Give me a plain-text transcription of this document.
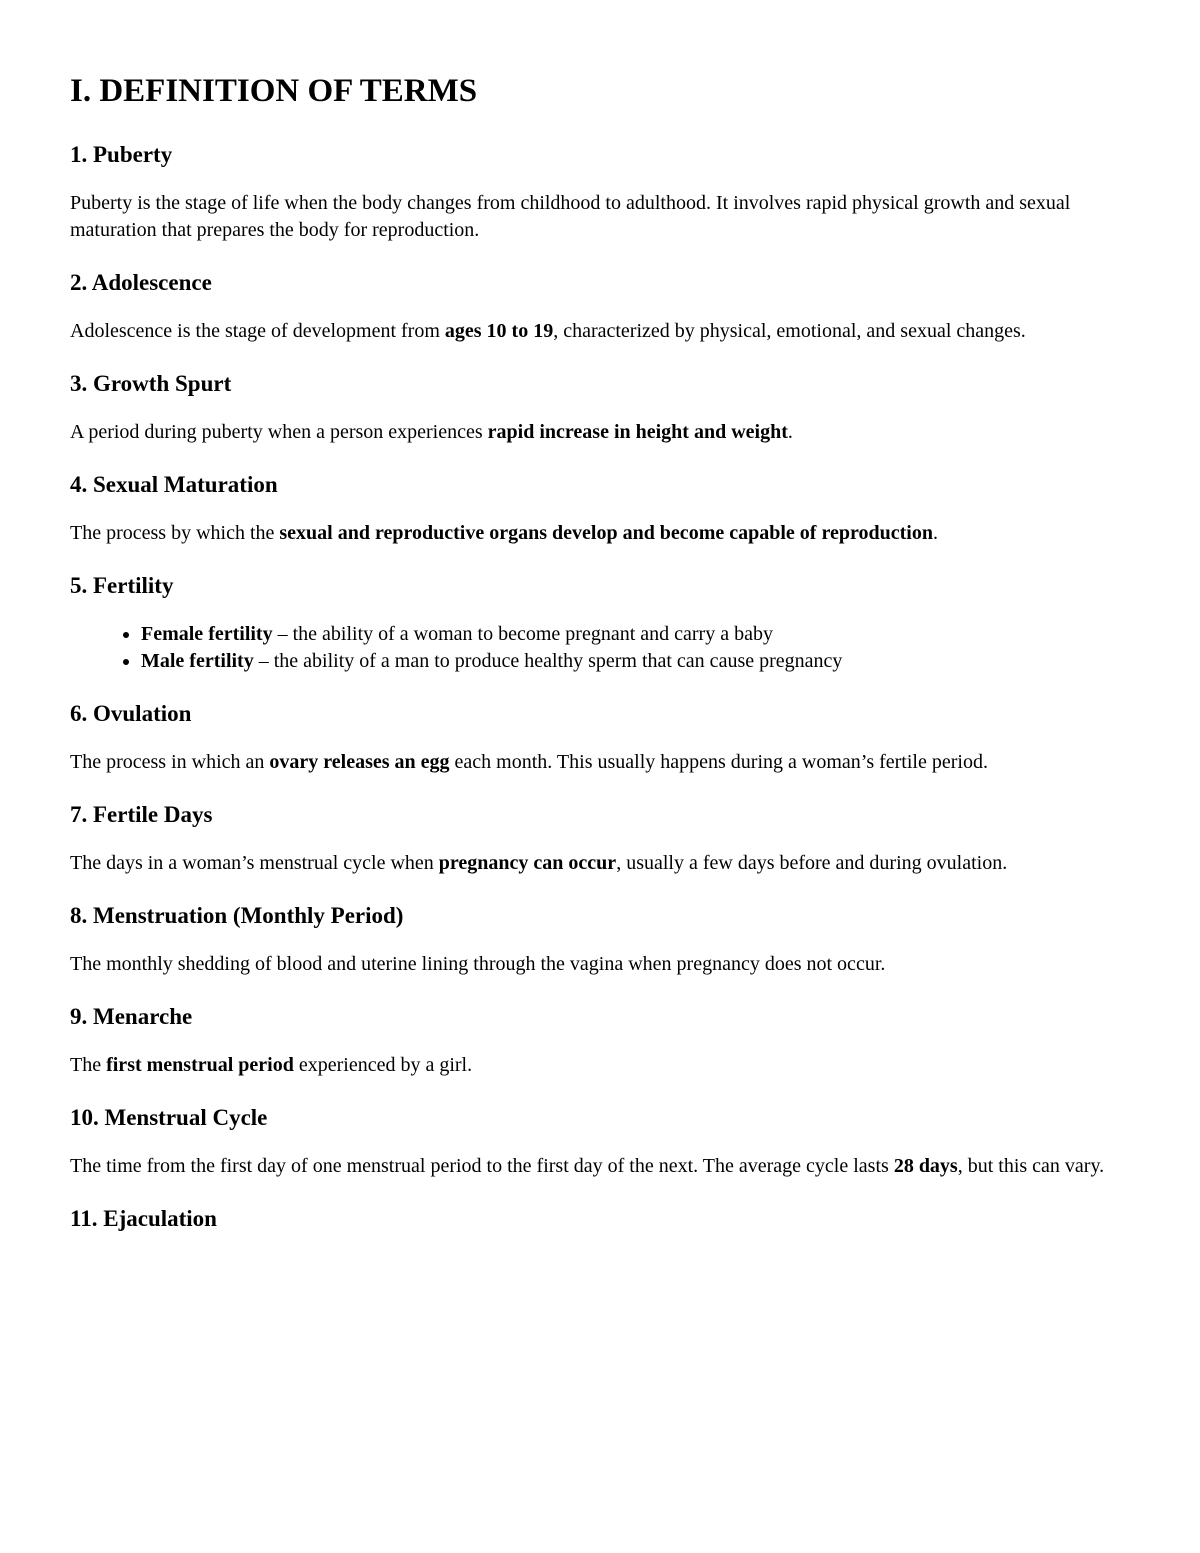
I. DEFINITION OF TERMS
1. Puberty

Puberty is the stage of life when the body changes from childhood to adulthood. It involves rapid physical growth and sexual maturation that prepares the body for reproduction.

2. Adolescence

Adolescence is the stage of development from ages 10 to 19, characterized by physical, emotional, and sexual changes.

3. Growth Spurt

A period during puberty when a person experiences rapid increase in height and weight.

4. Sexual Maturation

The process by which the sexual and reproductive organs develop and become capable of reproduction.

5. Fertility
• Female fertility – the ability of a woman to become pregnant and carry a baby
• Male fertility – the ability of a man to produce healthy sperm that can cause pregnancy
6. Ovulation

The process in which an ovary releases an egg each month. This usually happens during a woman’s fertile period.

7. Fertile Days

The days in a woman’s menstrual cycle when pregnancy can occur, usually a few days before and during ovulation.

8. Menstruation (Monthly Period)

The monthly shedding of blood and uterine lining through the vagina when pregnancy does not occur.

9. Menarche

The first menstrual period experienced by a girl.

10. Menstrual Cycle

The time from the first day of one menstrual period to the first day of the next. The average cycle lasts 28 days, but this can vary.

11. Ejaculation
